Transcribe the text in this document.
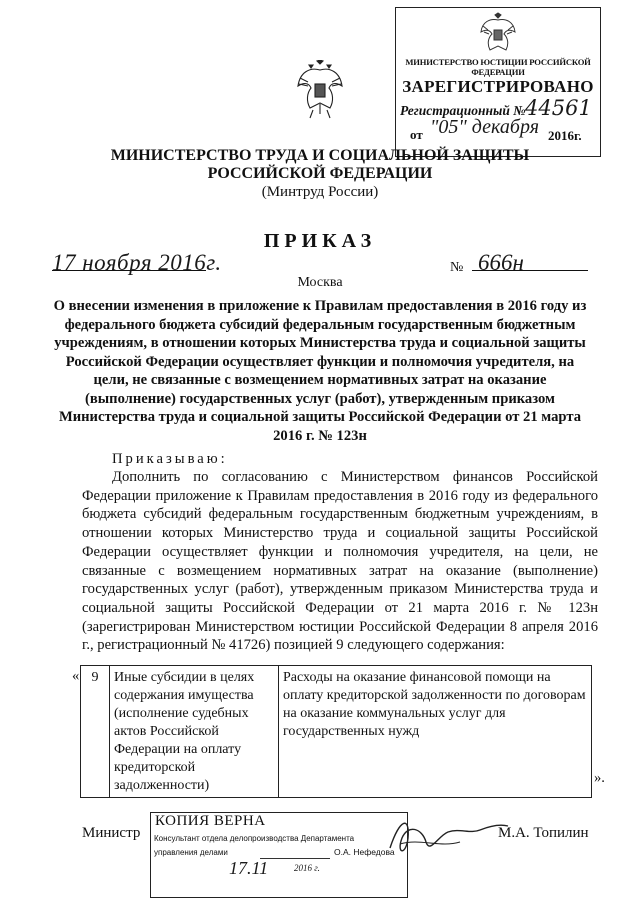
МИНИСТЕРСТВО ЮСТИЦИИ РОССИЙСКОЙ ФЕДЕРАЦИИ
ЗАРЕГИСТРИРОВАНО
Регистрационный № 44561
от "05" декабря 2016г.
МИНИСТЕРСТВО ТРУДА И СОЦИАЛЬНОЙ ЗАЩИТЫ
РОССИЙСКОЙ ФЕДЕРАЦИИ
(Минтруд России)
ПРИКАЗ
17 ноября 2016г.
Москва
№ 666н
О внесении изменения в приложение к Правилам предоставления в 2016 году из федерального бюджета субсидий федеральным государственным бюджетным учреждениям, в отношении которых Министерства труда и социальной защиты Российской Федерации осуществляет функции и полномочия учредителя, на цели, не связанные с возмещением нормативных затрат на оказание (выполнение) государственных услуг (работ), утвержденным приказом Министерства труда и социальной защиты Российской Федерации от 21 марта 2016 г. № 123н
Приказываю:
Дополнить по согласованию с Министерством финансов Российской Федерации приложение к Правилам предоставления в 2016 году из федерального бюджета субсидий федеральным государственным бюджетным учреждениям, в отношении которых Министерство труда и социальной защиты Российской Федерации осуществляет функции и полномочия учредителя, на цели, не связанные с возмещением нормативных затрат на оказание (выполнение) государственных услуг (работ), утвержденным приказом Министерства труда и социальной защиты Российской Федерации от 21 марта 2016 г. № 123н (зарегистрирован Министерством юстиции Российской Федерации 8 апреля 2016 г., регистрационный № 41726) позицией 9 следующего содержания:
« 9	Иные субсидии в целях содержания имущества (исполнение судебных актов Российской Федерации на оплату кредиторской задолженности)	Расходы на оказание финансовой помощи на оплату кредиторской задолженности по договорам на оказание коммунальных услуг для государственных нужд
».
Министр	М.А. Топилин
КОПИЯ ВЕРНА
Консультант отдела делопроизводства Департамента
управления делами	О.А. Нефедова
17.11	2016 г.
